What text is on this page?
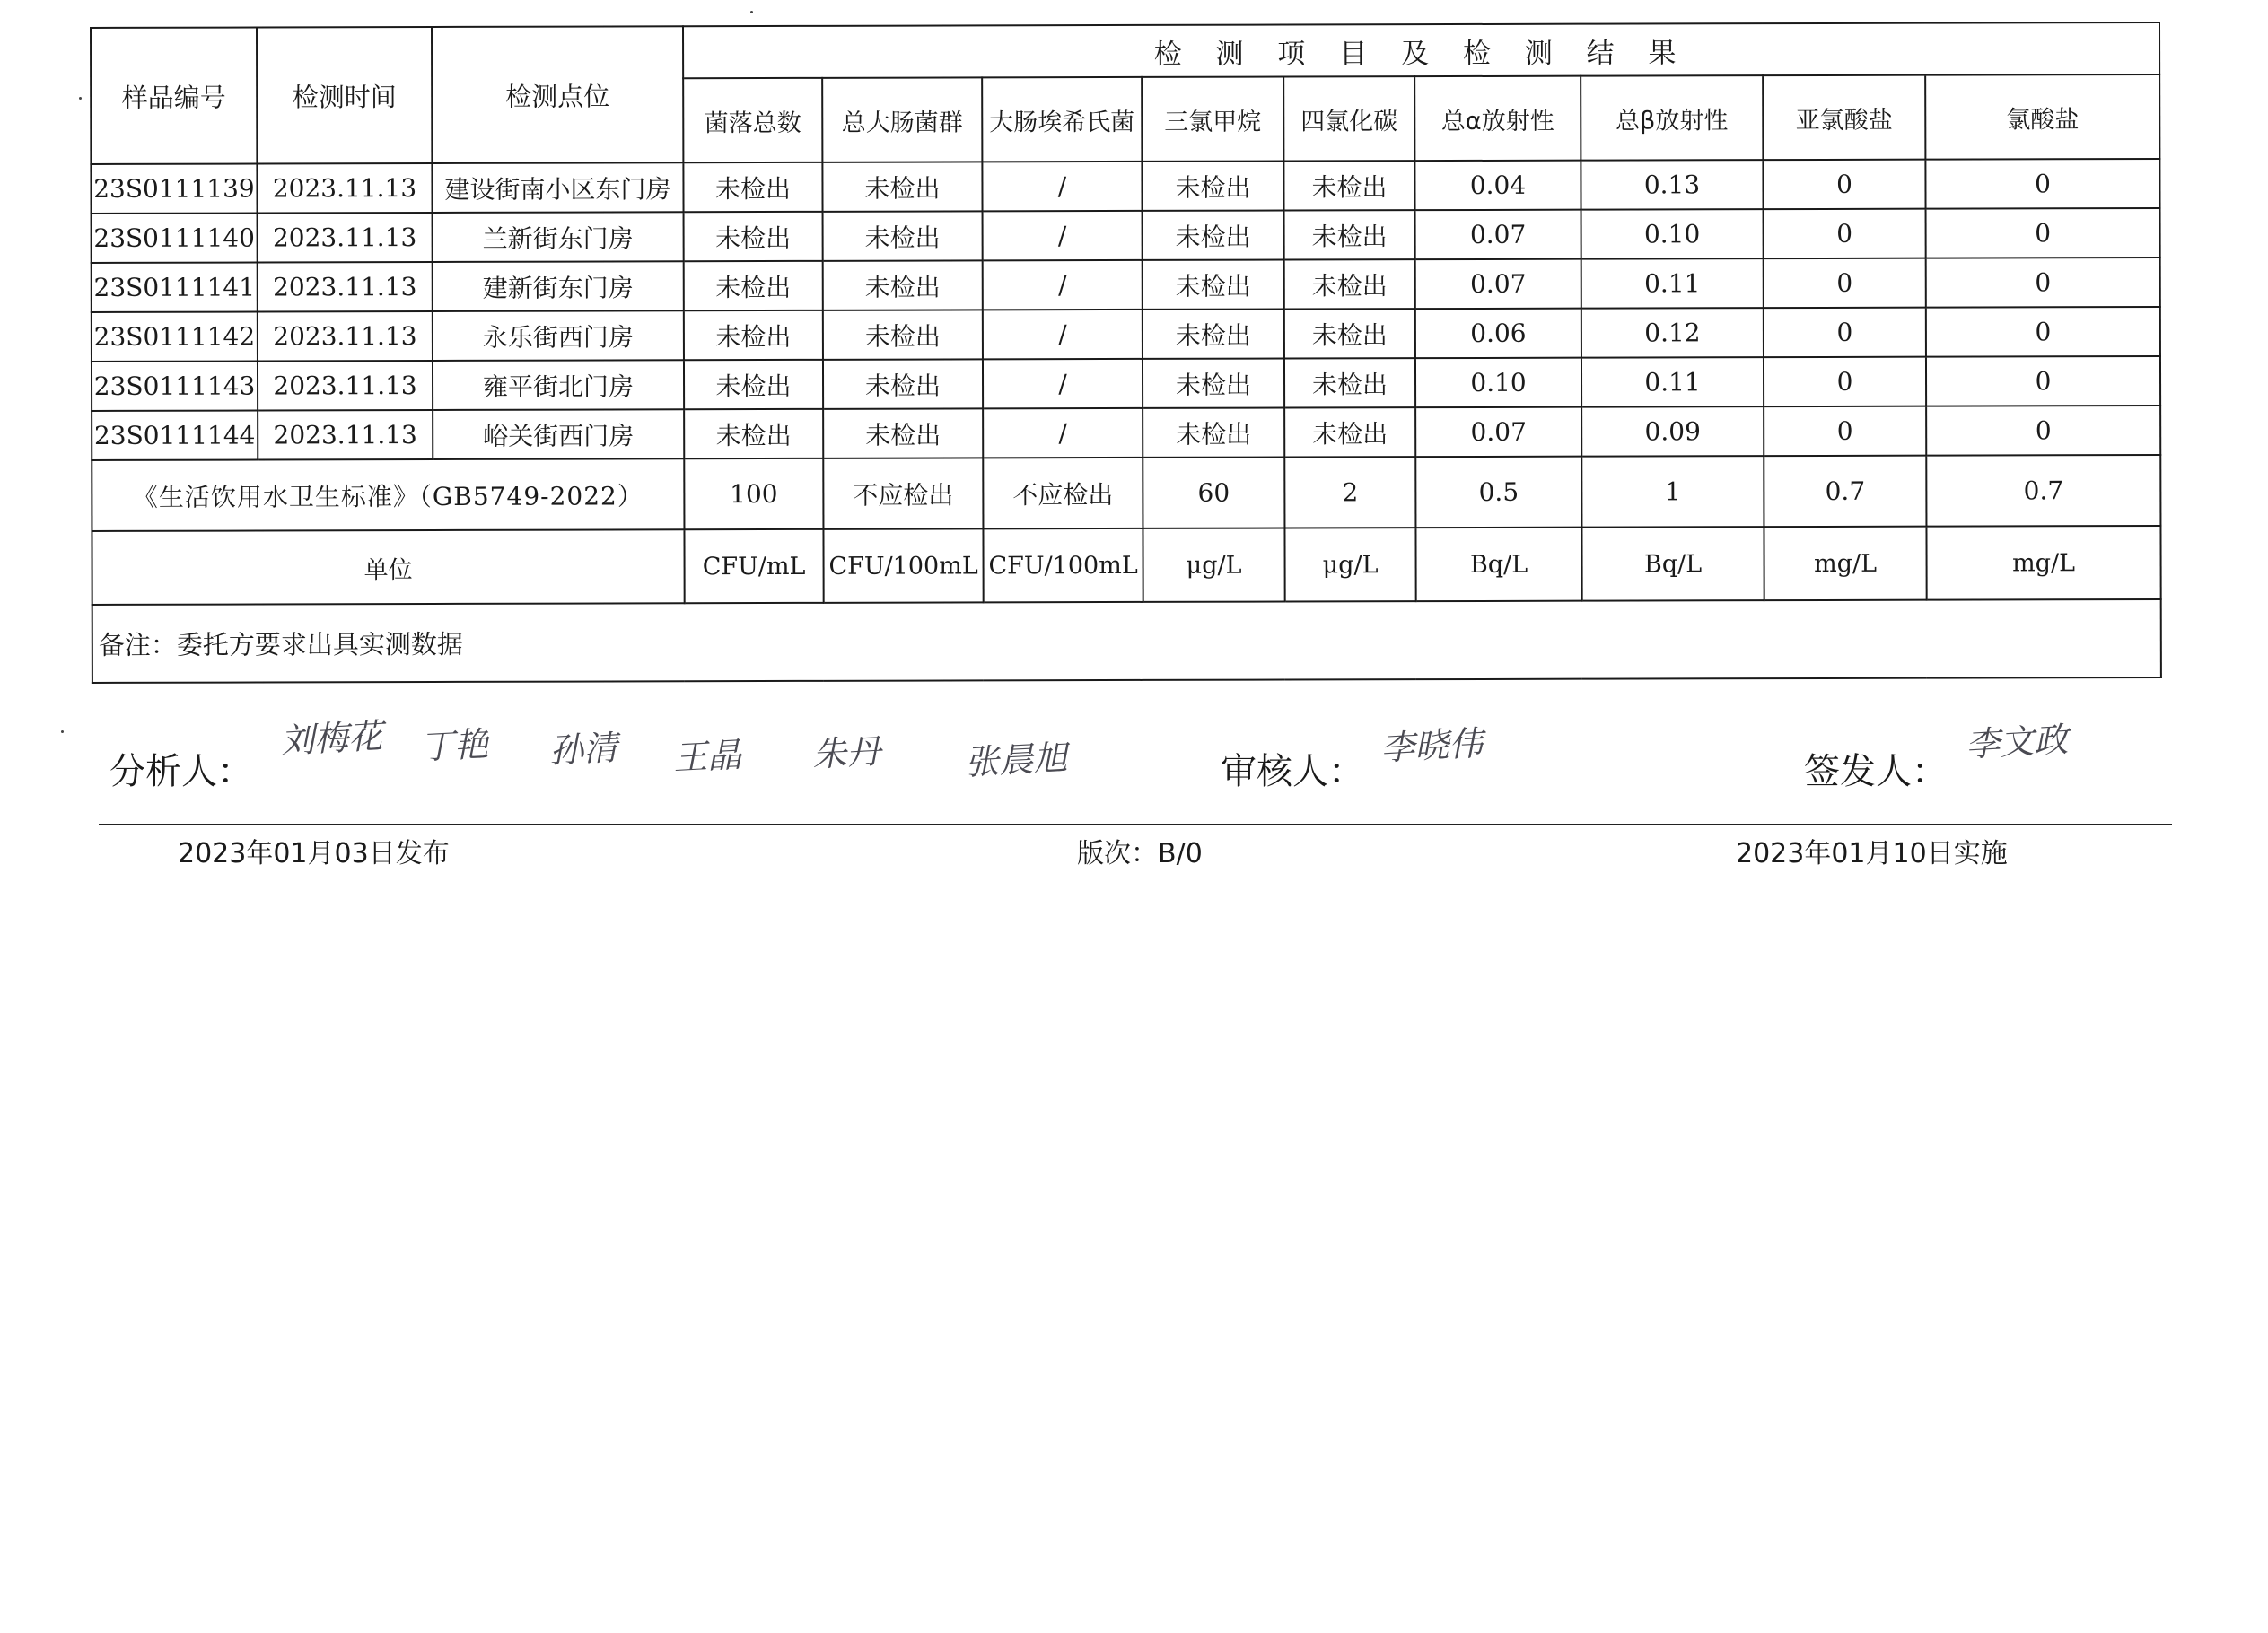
样品编号	检测时间	检测点位	检 测 项 目 及 检 测 结 果								
			菌落总数	总大肠菌群	大肠埃希氏菌	三氯甲烷	四氯化碳	总α放射性	总β放射性	亚氯酸盐	氯酸盐
23S0111139	2023.11.13	建设街南小区东门房	未检出	未检出	/	未检出	未检出	0.04	0.13	0	0
23S0111140	2023.11.13	兰新街东门房	未检出	未检出	/	未检出	未检出	0.07	0.10	0	0
23S0111141	2023.11.13	建新街东门房	未检出	未检出	/	未检出	未检出	0.07	0.11	0	0
23S0111142	2023.11.13	永乐街西门房	未检出	未检出	/	未检出	未检出	0.06	0.12	0	0
23S0111143	2023.11.13	雍平街北门房	未检出	未检出	/	未检出	未检出	0.10	0.11	0	0
23S0111144	2023.11.13	峪关街西门房	未检出	未检出	/	未检出	未检出	0.07	0.09	0	0
《生活饮用水卫生标准》（GB5749-2022）			100	不应检出	不应检出	60	2	0.5	1	0.7	0.7
单位			CFU/mL	CFU/100mL	CFU/100mL	μg/L	μg/L	Bq/L	Bq/L	mg/L	mg/L
备注：委托方要求出具实测数据											
分析人：
刘梅花 丁艳 孙清 王晶 朱丹 张晨旭	审核人：
李晓伟
签发人：
李文政
2023年01月03日发布	版次：B/0	2023年01月10日实施
